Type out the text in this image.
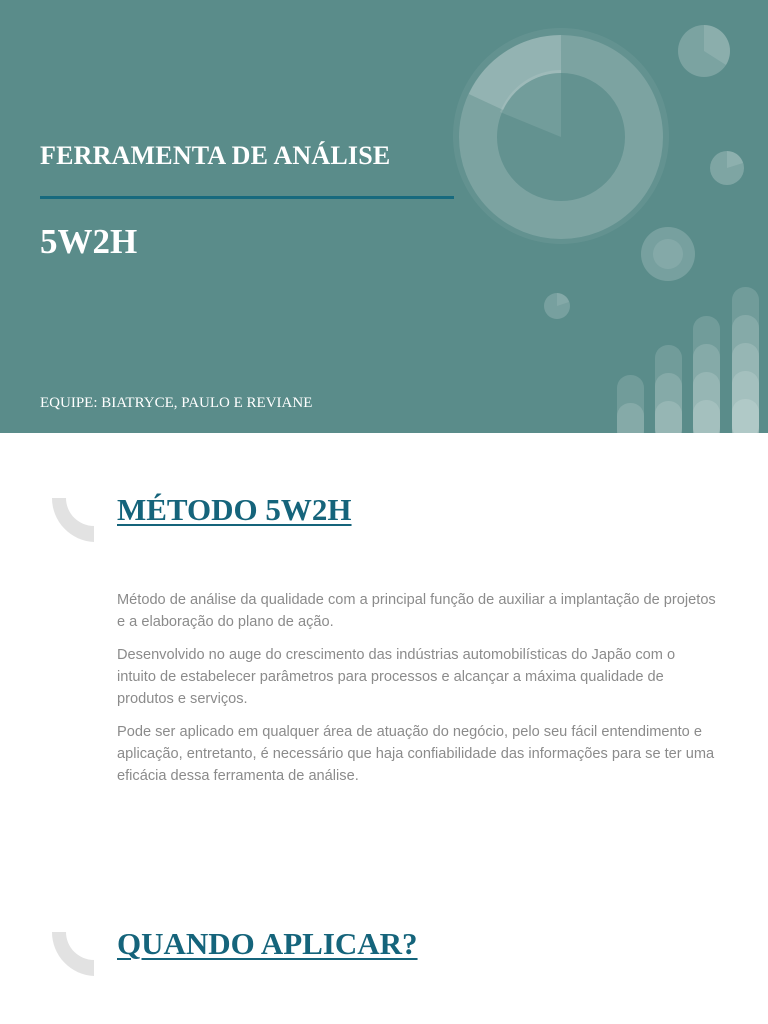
FERRAMENTA DE ANÁLISE
5W2H

EQUIPE: BIATRYCE, PAULO E REVIANE

MÉTODO 5W2H

Método de análise da qualidade com a principal função de auxiliar a implantação de projetos e a elaboração do plano de ação.

Desenvolvido no auge do crescimento das indústrias automobilísticas do Japão com o intuito de estabelecer parâmetros para processos e alcançar a máxima qualidade de produtos e serviços.

Pode ser aplicado em qualquer área de atuação do negócio, pelo seu fácil entendimento e aplicação, entretanto, é necessário que haja confiabilidade das informações para se ter uma eficácia dessa ferramenta de análise.

QUANDO APLICAR?
